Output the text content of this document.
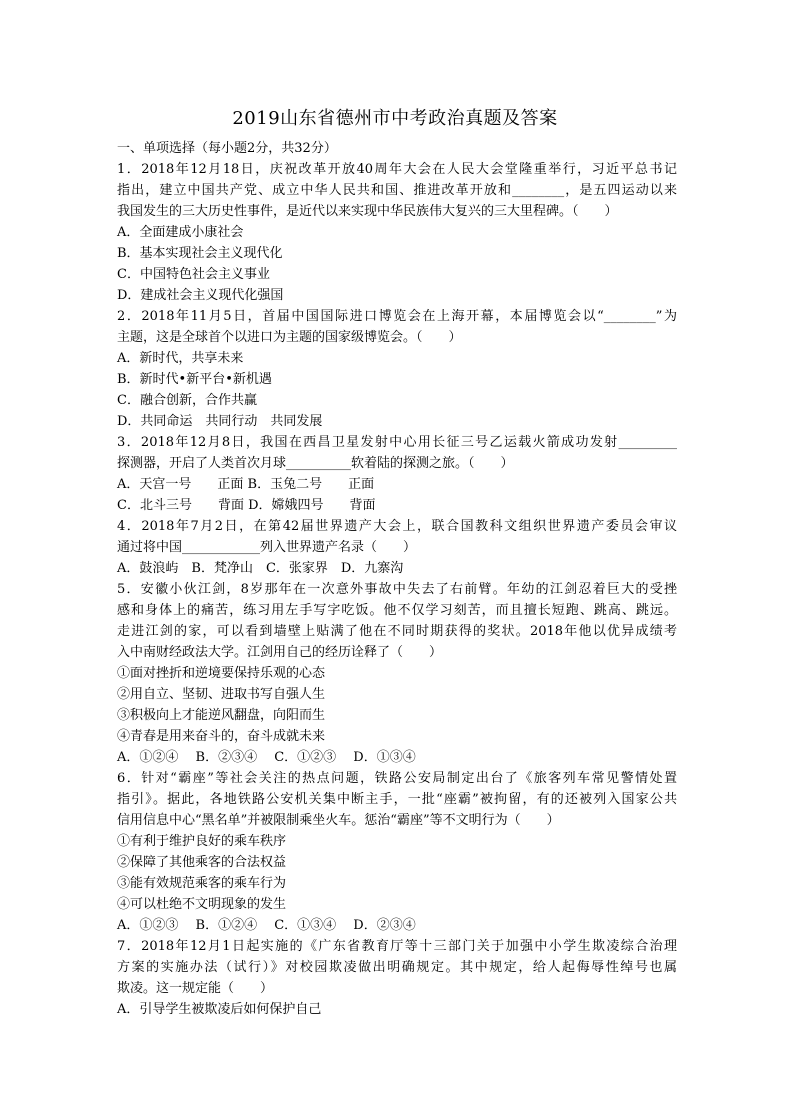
2019山东省德州市中考政治真题及答案
一、单项选择（每小题2分，共32分）
1．2018年12月18日，庆祝改革开放40周年大会在人民大会堂隆重举行，习近平总书记
指出，建立中国共产党、成立中华人民共和国、推进改革开放和________，是五四运动以来
我国发生的三大历史性事件，是近代以来实现中华民族伟大复兴的三大里程碑。（　　）
A．全面建成小康社会
B．基本实现社会主义现代化
C．中国特色社会主义事业
D．建成社会主义现代化强国
2．2018年11月5日，首届中国国际进口博览会在上海开幕，本届博览会以“________”为
主题，这是全球首个以进口为主题的国家级博览会。（　　）
A．新时代，共享未来
B．新时代•新平台•新机遇
C．融合创新，合作共赢
D．共同命运　共同行动　共同发展
3．2018年12月8日，我国在西昌卫星发射中心用长征三号乙运载火箭成功发射_________
探测器，开启了人类首次月球__________软着陆的探测之旅。（　　）
A．天宫一号　　正面 B．玉兔二号　　正面
C．北斗三号　　背面 D．嫦娥四号　　背面
4．2018年7月2日，在第42届世界遗产大会上，联合国教科文组织世界遗产委员会审议
通过将中国____________列入世界遗产名录（　　）
A．鼓浪屿　B．梵净山　C．张家界　D．九寨沟
5．安徽小伙江剑，8岁那年在一次意外事故中失去了右前臂。年幼的江剑忍着巨大的受挫
感和身体上的痛苦，练习用左手写字吃饭。他不仅学习刻苦，而且擅长短跑、跳高、跳远。
走进江剑的家，可以看到墙壁上贴满了他在不同时期获得的奖状。2018年他以优异成绩考
入中南财经政法大学。江剑用自己的经历诠释了（　　）
①面对挫折和逆境要保持乐观的心态
②用自立、坚韧、进取书写自强人生
③积极向上才能逆风翻盘，向阳而生
④青春是用来奋斗的，奋斗成就未来
A．①②④　 B．②③④　 C．①②③　 D．①③④
6．针对“霸座”等社会关注的热点问题，铁路公安局制定出台了《旅客列车常见警情处置
指引》。据此，各地铁路公安机关集中断主手，一批“座霸”被拘留，有的还被列入国家公共
信用信息中心“黑名单”并被限制乘坐火车。惩治“霸座”等不文明行为（　　）
①有利于维护良好的乘车秩序
②保障了其他乘客的合法权益
③能有效规范乘客的乘车行为
④可以杜绝不文明现象的发生
A．①②③　 B．①②④　 C．①③④　 D．②③④
7．2018年12月1日起实施的《广东省教育厅等十三部门关于加强中小学生欺凌综合治理
方案的实施办法（试行）》对校园欺凌做出明确规定。其中规定，给人起侮辱性绰号也属
欺凌。这一规定能（　　）
A．引导学生被欺凌后如何保护自己
